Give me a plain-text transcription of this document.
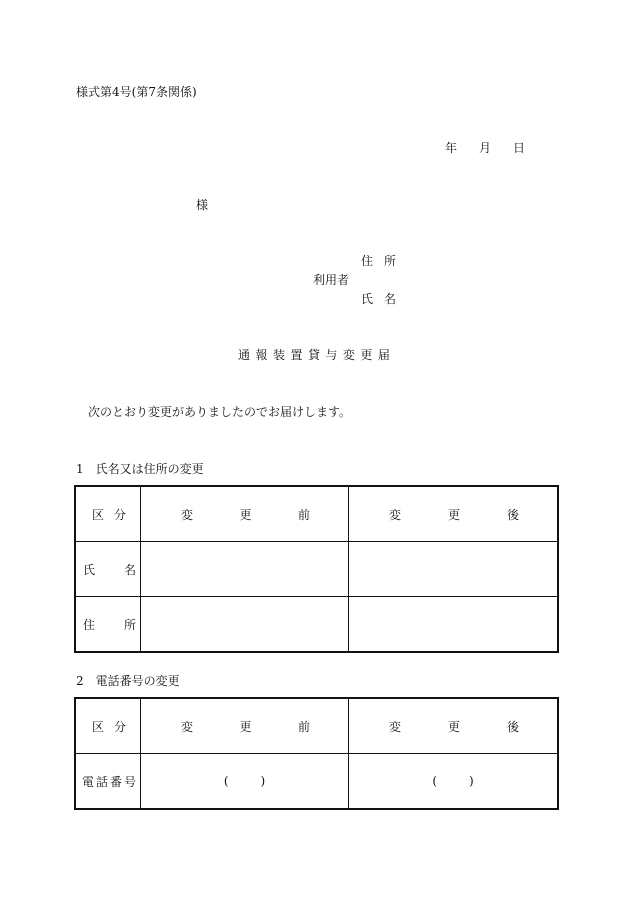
様式第4号(第7条関係)
年 月 日
様
住 所
利用者
氏 名
通 報 装 置 貸 与 変 更 届
次のとおり変更がありましたのでお届けします。
1　氏名又は住所の変更
区 分	変 更 前	変 更 後

氏 名		

住 所		

2　電話番号の変更
区 分	変 更 前	変 更 後

電 話 番 号	( )	( )
